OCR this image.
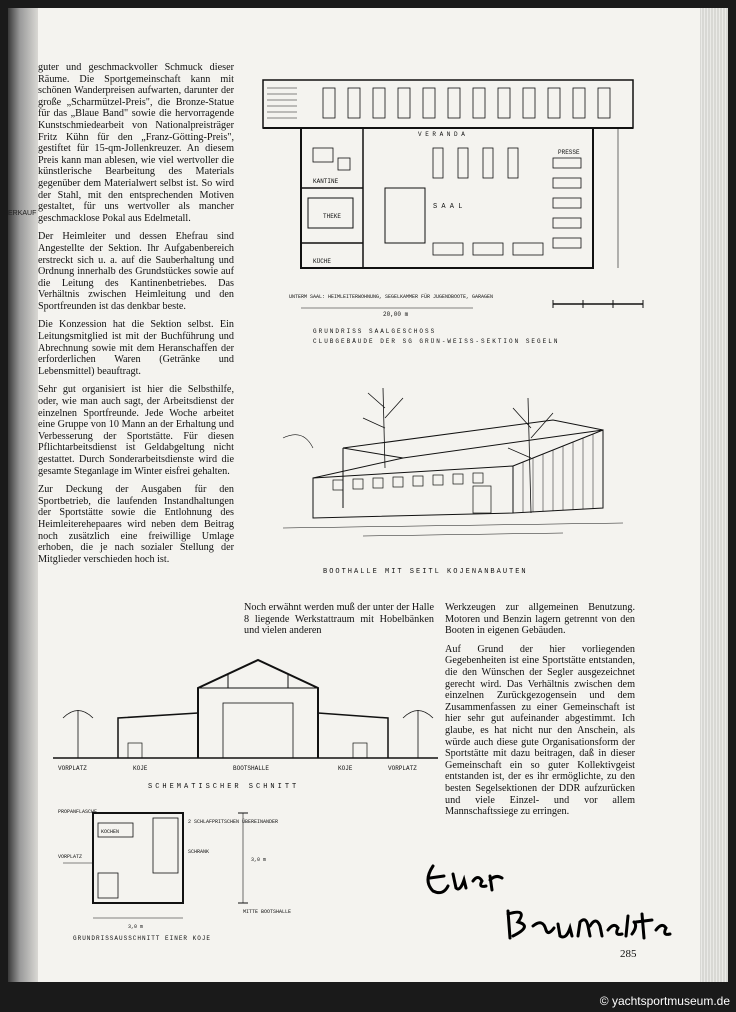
ERKAUF

guter und geschmackvoller Schmuck dieser Räume. Die Sportgemeinschaft kann mit schönen Wanderpreisen aufwarten, darunter der große „Scharmützel-Preis", die Bronze-Statue für das „Blaue Band" sowie die hervorragende Kunstschmiedearbeit von Nationalpreisträger Fritz Kühn für den „Franz-Götting-Preis", gestiftet für 15-qm-Jollenkreuzer. An diesem Preis kann man ablesen, wie viel wertvoller die künstlerische Bearbeitung des Materials gegenüber dem Materialwert selbst ist. So wird der Stahl, mit den entsprechenden Motiven gestaltet, für uns wertvoller als mancher geschmacklose Pokal aus Edelmetall.

Der Heimleiter und dessen Ehefrau sind Angestellte der Sektion. Ihr Aufgabenbereich erstreckt sich u. a. auf die Sauberhaltung und Ordnung innerhalb des Grundstückes sowie auf die Leitung des Kantinenbetriebes. Das Verhältnis zwischen Heimleitung und den Sportfreunden ist das denkbar beste.

Die Konzession hat die Sektion selbst. Ein Leitungsmitglied ist mit der Buchführung und Abrechnung sowie mit dem Heranschaffen der erforderlichen Waren (Getränke und Lebensmittel) beauftragt.

Sehr gut organisiert ist hier die Selbsthilfe, oder, wie man auch sagt, der Arbeitsdienst der einzelnen Sportfreunde. Jede Woche arbeitet eine Gruppe von 10 Mann an der Erhaltung und Verbesserung der Sportstätte. Für diesen Pflichtarbeitsdienst ist Geldabgeltung nicht gestattet. Durch Sonderarbeitsdienste wird die gesamte Steganlage im Winter eisfrei gehalten.

Zur Deckung der Ausgaben für den Sportbetrieb, die laufenden Instandhaltungen der Sportstätte sowie die Entlohnung des Heimleiterehepaares wird neben dem Beitrag noch zusätzlich eine freiwillige Umlage erhoben, die je nach sozialer Stellung der Mitglieder verschieden hoch ist.

V E R A N D A
S A A L
KANTINE
KÜCHE
THEKE
PRESSE
UNTERM SAAL: HEIMLEITERWOHNUNG, SEGELKAMMER FÜR JUGENDBOOTE, GARAGEN
20,00 m
GRUNDRISS SAALGESCHOSS
CLUBGEBÄUDE DER SG GRÜN-WEISS-SEKTION SEGELN
BOOTHALLE MIT SEITL KOJENANBAUTEN

Noch erwähnt werden muß der unter der Halle 8 liegende Werkstattraum mit Hobelbänken und vielen anderen

Werkzeugen zur allgemeinen Benutzung. Motoren und Benzin lagern getrennt von den Booten in eigenen Gebäuden.

Auf Grund der hier vorliegenden Gegebenheiten ist eine Sportstätte entstanden, die den Wünschen der Segler ausgezeichnet gerecht wird. Das Verhältnis zwischen dem einzelnen Zurückgezogensein und dem Zusammenfassen zu einer Gemeinschaft ist hier sehr gut aufeinander abgestimmt. Ich glaube, es hat nicht nur den Anschein, als würde auch diese gute Organisationsform der Sportstätte mit dazu beitragen, daß in dieser Gemeinschaft ein so guter Kollektivgeist entstanden ist, der es ihr ermöglichte, zu den besten Segelsektionen der DDR aufzurücken und viele Einzel- und vor allem Mannschaftssiege zu erringen.

VORPLATZ	KOJE	BOOTSHALLE	KOJE	VORPLATZ
SCHEMATISCHER SCHNITT
PROPANFLASCHE
KOCHEN
2 SCHLAFPRITSCHEN ÜBEREINANDER
SCHRANK
VORPLATZ
3,0 m
3,0 m
MITTE BOOTSHALLE
GRUNDRISSAUSSCHNITT EINER KOJE
285
© yachtsportmuseum.de
